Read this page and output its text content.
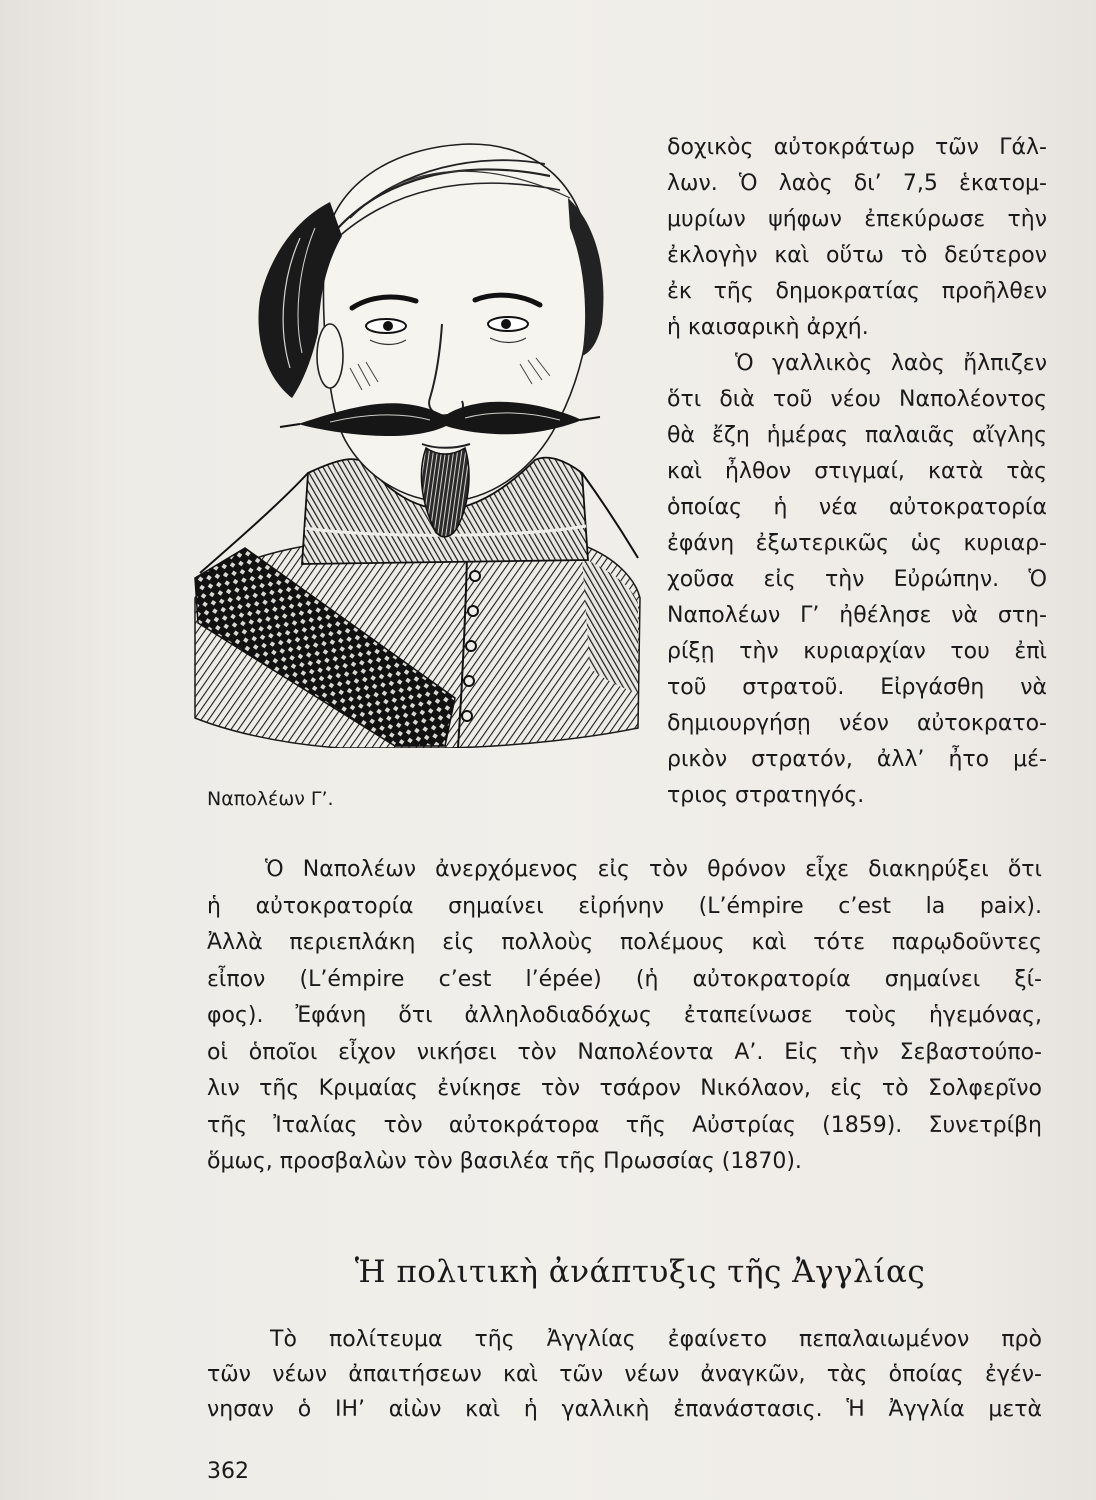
δοχικὸς αὐτοκράτωρ τῶν Γάλ-
λων. Ὁ λαὸς δι’ 7,5 ἑκατομ-
μυρίων ψήφων ἐπεκύρωσε τὴν
ἐκλογὴν καὶ οὕτω τὸ δεύτερον
ἐκ τῆς δημοκρατίας προῆλθεν
ἡ καισαρικὴ ἀρχή.
Ὁ γαλλικὸς λαὸς ἤλπιζεν
ὅτι διὰ τοῦ νέου Ναπολέοντος
θὰ ἔζη ἡμέρας παλαιᾶς αἴγλης
καὶ ἦλθον στιγμαί, κατὰ τὰς
ὁποίας ἡ νέα αὐτοκρατορία
ἐφάνη ἐξωτερικῶς ὡς κυριαρ-
χοῦσα εἰς τὴν Εὐρώπην. Ὁ
Ναπολέων Γ’ ἠθέλησε νὰ στη-
ρίξῃ τὴν κυριαρχίαν του ἐπὶ
τοῦ στρατοῦ. Εἰργάσθη νὰ
δημιουργήσῃ νέον αὐτοκρατο-
ρικὸν στρατόν, ἀλλ’ ἦτο μέ-
τριος στρατηγός.
Ναπολέων Γ’.
Ὁ Ναπολέων ἀνερχόμενος εἰς τὸν θρόνον εἶχε διακηρύξει ὅτι
ἡ αὐτοκρατορία σημαίνει εἰρήνην (L’émpire c’est la paix).
Ἀλλὰ περιεπλάκη εἰς πολλοὺς πολέμους καὶ τότε παρῳδοῦντες
εἶπον (L’émpire c’est l’épée) (ἡ αὐτοκρατορία σημαίνει ξί-
φος). Ἐφάνη ὅτι ἀλληλοδιαδόχως ἐταπείνωσε τοὺς ἡγεμόνας,
οἱ ὁποῖοι εἶχον νικήσει τὸν Ναπολέοντα Α’. Εἰς τὴν Σεβαστούπο-
λιν τῆς Κριμαίας ἐνίκησε τὸν τσάρον Νικόλαον, εἰς τὸ Σολφερῖνο
τῆς Ἰταλίας τὸν αὐτοκράτορα τῆς Αὐστρίας (1859). Συνετρίβη
ὅμως, προσβαλὼν τὸν βασιλέα τῆς Πρωσσίας (1870).
Ἡ πολιτικὴ ἀνάπτυξις τῆς Ἀγγλίας
Τὸ πολίτευμα τῆς Ἀγγλίας ἐφαίνετο πεπαλαιωμένον πρὸ
τῶν νέων ἀπαιτήσεων καὶ τῶν νέων ἀναγκῶν, τὰς ὁποίας ἐγέν-
νησαν ὁ ΙΗ’ αἰὼν καὶ ἡ γαλλικὴ ἐπανάστασις. Ἡ Ἀγγλία μετὰ
362
